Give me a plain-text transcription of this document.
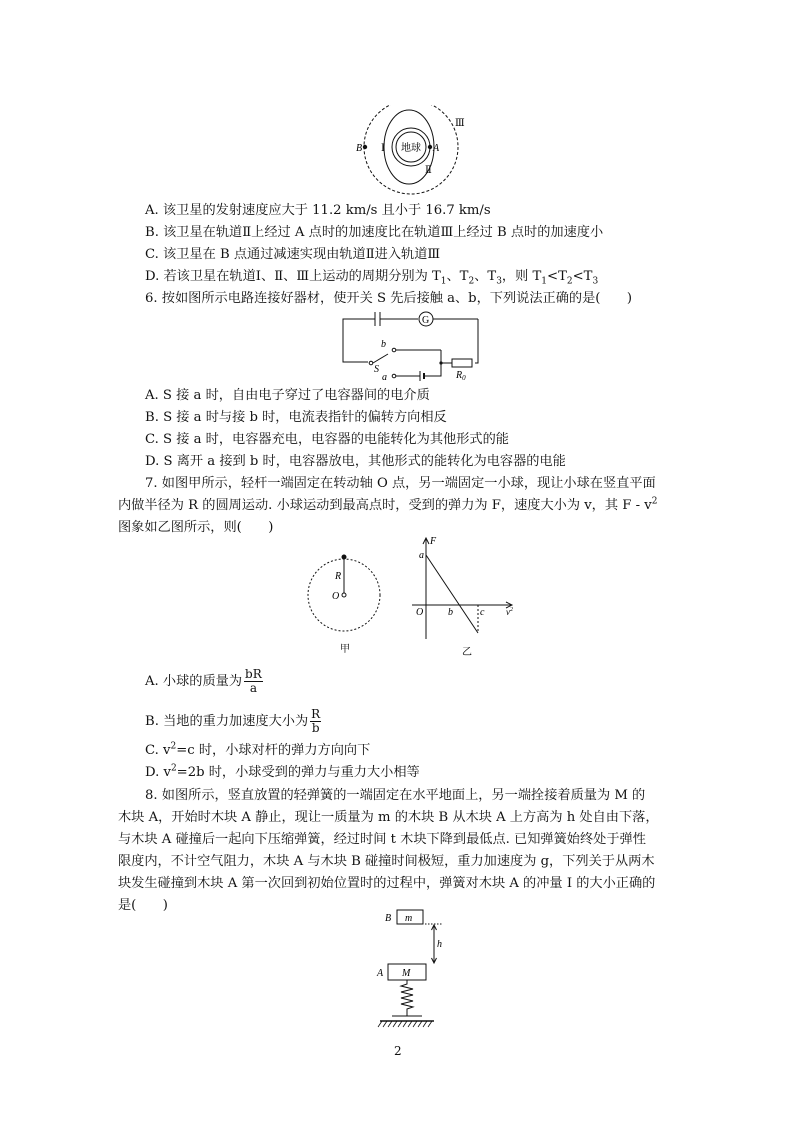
地球
B	A
Ⅲ
Ⅰ
Ⅱ
A. 该卫星的发射速度应大于 11.2 km/s 且小于 16.7 km/s
B. 该卫星在轨道Ⅱ上经过 A 点时的加速度比在轨道Ⅲ上经过 B 点时的加速度小
C. 该卫星在 B 点通过减速实现由轨道Ⅱ进入轨道Ⅲ
D. 若该卫星在轨道Ⅰ、Ⅱ、Ⅲ上运动的周期分别为 $T_1$、$T_2$、$T_3$，则 $T_1<T_2<T_3$
6. 按如图所示电路连接好器材，使开关 S 先后接触 a、b，下列说法正确的是(　　)
G
b
S
a	$R_0$
A. S 接 a 时，自由电子穿过了电容器间的电介质
B. S 接 a 时与接 b 时，电流表指针的偏转方向相反
C. S 接 a 时，电容器充电，电容器的电能转化为其他形式的能
D. S 离开 a 接到 b 时，电容器放电，其他形式的能转化为电容器的电能
7. 如图甲所示，轻杆一端固定在转动轴 O 点，另一端固定一小球，现让小球在竖直平面
内做半径为 R 的圆周运动. 小球运动到最高点时，受到的弹力为 F，速度大小为 v，其 F - $v^2$
图象如乙图所示，则(　　)
R
O
甲
F
a
O b	c $v^2$
乙
A. 小球的质量为 $\frac{bR}{a}$
B. 当地的重力加速度大小为 $\frac{R}{b}$
C. $v^2=c$ 时，小球对杆的弹力方向向下
D. $v^2=2b$ 时，小球受到的弹力与重力大小相等
8. 如图所示，竖直放置的轻弹簧的一端固定在水平地面上，另一端拴接着质量为 M 的
木块 A，开始时木块 A 静止，现让一质量为 m 的木块 B 从木块 A 上方高为 h 处自由下落，
与木块 A 碰撞后一起向下压缩弹簧，经过时间 t 木块下降到最低点. 已知弹簧始终处于弹性
限度内，不计空气阻力，木块 A 与木块 B 碰撞时间极短，重力加速度为 g，下列关于从两木
块发生碰撞到木块 A 第一次回到初始位置时的过程中，弹簧对木块 A 的冲量 I 的大小正确的
是(　　)
B m
h
A M
2
